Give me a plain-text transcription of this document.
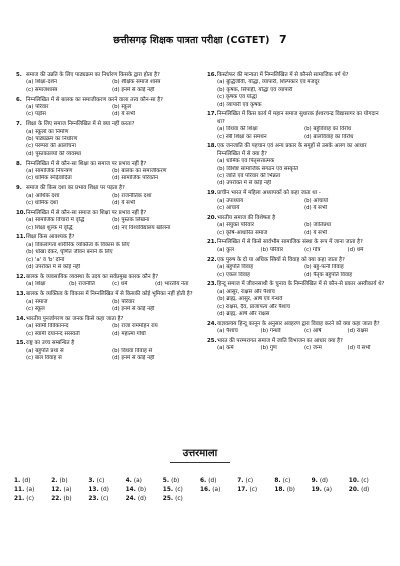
छत्तीसगढ़ शिक्षक पात्रता परीक्षा (CGTET) 7
5. समाज की उन्नति के लिए पाठ्यक्रम का निर्धारण किसके द्वारा होता है?
(a) शिक्षा-दर्शन	(b) शैक्षिक समाज शास्त्र
(c) समाजशास्त्र	(d) इनमें से कोई नहीं
6. निम्नलिखित में से बालक का समाजीकरण करने वाला तत्त्व कौन-सा है?
(a) परिवार	(b) स्कूल
(c) पड़ोस	(d) ये सभी
7. शिक्षा के लिए समाज निम्नलिखित में से क्या नहीं करता?
(a) स्कूलों का निर्माण
(b) पाठ्यक्रम का निर्धारण
(c) परम्परा की आलोचना
(d) पुस्तकालयों की व्यवस्था
8. निम्नलिखित में से कौन-सा शिक्षा का समाज पर प्रभाव नहीं है?
(a) सामाजिक नियन्त्रण	(b) बालक का समाजीकरण
(c) धार्मिक रूढ़िवादिता	(d) सामाजिक परिवर्तन
9. समाज की किस दशा का प्रभाव शिक्षा पर पड़ता है?
(a) आर्थिक दशा	(b) राजनीतिक दशा
(c) धार्मिक दशा	(d) ये सभी
10. निम्नलिखित में से कौन-सा समाज का शिक्षा पर प्रभाव नहीं है?
(a) सामाजिक विचारों में वृद्धि	(b) पुस्तक लिखना
(c) शिक्षा शुल्क में वृद्धि	(d) नए विश्वविद्यालय खोलना
11. शिक्षा किस आवश्यक है?
(a) विकलांगता शारीरिक व्यक्तित्व के विकास के लिए
(b) धोखा देकर, घृणित जीवन बनाने के लिए
(c) 'a' व 'b' दोनों
(d) उपरोक्त में से कोई नहीं
12. बालक के व्यवसायिक व्यवस्था के उदय का सर्वप्रमुख कारक कौन है?
(a) शिक्षा	(b) राजनीति	(c) धर्म	(d) भारतीय नेता
13. बालक के व्यक्तित्व के विकास में निम्नलिखित में से किसकी कोई भूमिका नहीं होती है?
(a) समाज	(b) परिवार
(c) स्कूल	(d) इनमें से कोई नहीं
14. भारतीय पुनर्जागरण का जनक किसे कहा जाता है?
(a) स्वामी विवेकानन्द	(b) राजा राममोहन राय
(c) स्वामी दयानन्द सरस्वती	(d) महात्मा गाँधी
15. राष्ट्र का उच्च सम्बन्धित है
(a) बहुपति प्रथा से	(b) विधवा विवाह से
(c) बाल विवाह से	(d) इनमें से कोई नहीं
16. किस्टोफर की मान्यता में निम्नलिखित में से कौनसे सामाजिक वर्ग थे?
(a) बुद्धिजीवी, योद्धा, व्यापारी, शिल्पकार एवं मजदूर
(b) कृषक, सिपाही, योद्धा एवं व्यापारी
(c) कृषक एवं योद्धा
(d) व्यापारी एवं कृषक
17. निम्नलिखित में किस कार्य में महान समाज सुधारक ईश्वरचन्द्र विद्यासागर का योगदान था?
(a) विधवा की शिक्षा	(b) बहुविवाह का विरोध
(c) स्त्री शिक्षा का समर्थन	(d) बालविवाह का विरोध
18. एक जनजाति की पहचान एवं अन्य प्रकार के समूहों से उसके अलग का आधार निम्नलिखित में से क्या है?
(a) धार्मिक एवं पितृसत्तात्मक
(b) विशिष्ट सामाजिक संगठन एवं संस्कृति
(c) जाति एवं परिवार की भिन्नता
(d) उपरोक्त में से कोई नहीं
19. प्राचीन भारत में महिला अध्यापकों को कहा जाता था -
(a) उपाध्याय	(b) आचार्या
(c) आचार्य	(d) ये सभी
20. भारतीय समाज की विशेषता है
(a) संयुक्त परिवार	(b) जातिप्रथा
(c) कृषि-आधारित समाज	(d) ये सभी
21. निम्नलिखित में से किसे सार्वभौम सामाजिक संस्था के रूप में जाना जाता है?
(a) कुल	(b) परिवार	(c) गोत्र	(d) धर्म
22. एक पुरुष के दो या अधिक स्त्रियों से विवाह को क्या कहा जाता है?
(a) बहुपति विवाह	(b) बहु-पत्नी विवाह
(c) एकल विवाह	(d) पैतृक बहुपति विवाह
23. हिन्दू समाज में जीवनसाथी के चुनाव के निम्नलिखित में से कौन-से प्रकार अस्वीकार्य थे?
(a) आसुर, राक्षस और पैशाच
(b) ब्राह्म, आसुर, आर्ष एवं गन्धर्व
(c) राक्षस, दैव, प्राजापत्य और पैशाच
(d) ब्राह्म, आर्ष और राक्षस
24. याज्ञवल्क्य हिन्दू कानून के अनुसार अवहरण द्वारा विवाह करने को क्या कहा जाता है?
(a) पैशाच	(b) गन्धर्व	(c) आर्ष	(d) राक्षस
25. भारत की परम्परागत समाज में जाति विभाजन का आधार क्या है?
(a) कर्म	(b) गुण	(c) जन्म	(d) ये सभी
उत्तरमाला
1. (d)	2. (b)	3. (c)	4. (a)	5. (b)	6. (d)	7. (c)	8. (c)	9. (d)	10. (c)
11. (a)	12. (a)	13. (d)	14. (b)	15. (c)	16. (a)	17. (c)	18. (b)	19. (a)	20. (d)
21. (c)	22. (b)	23. (c)	24. (d)	25. (c)
